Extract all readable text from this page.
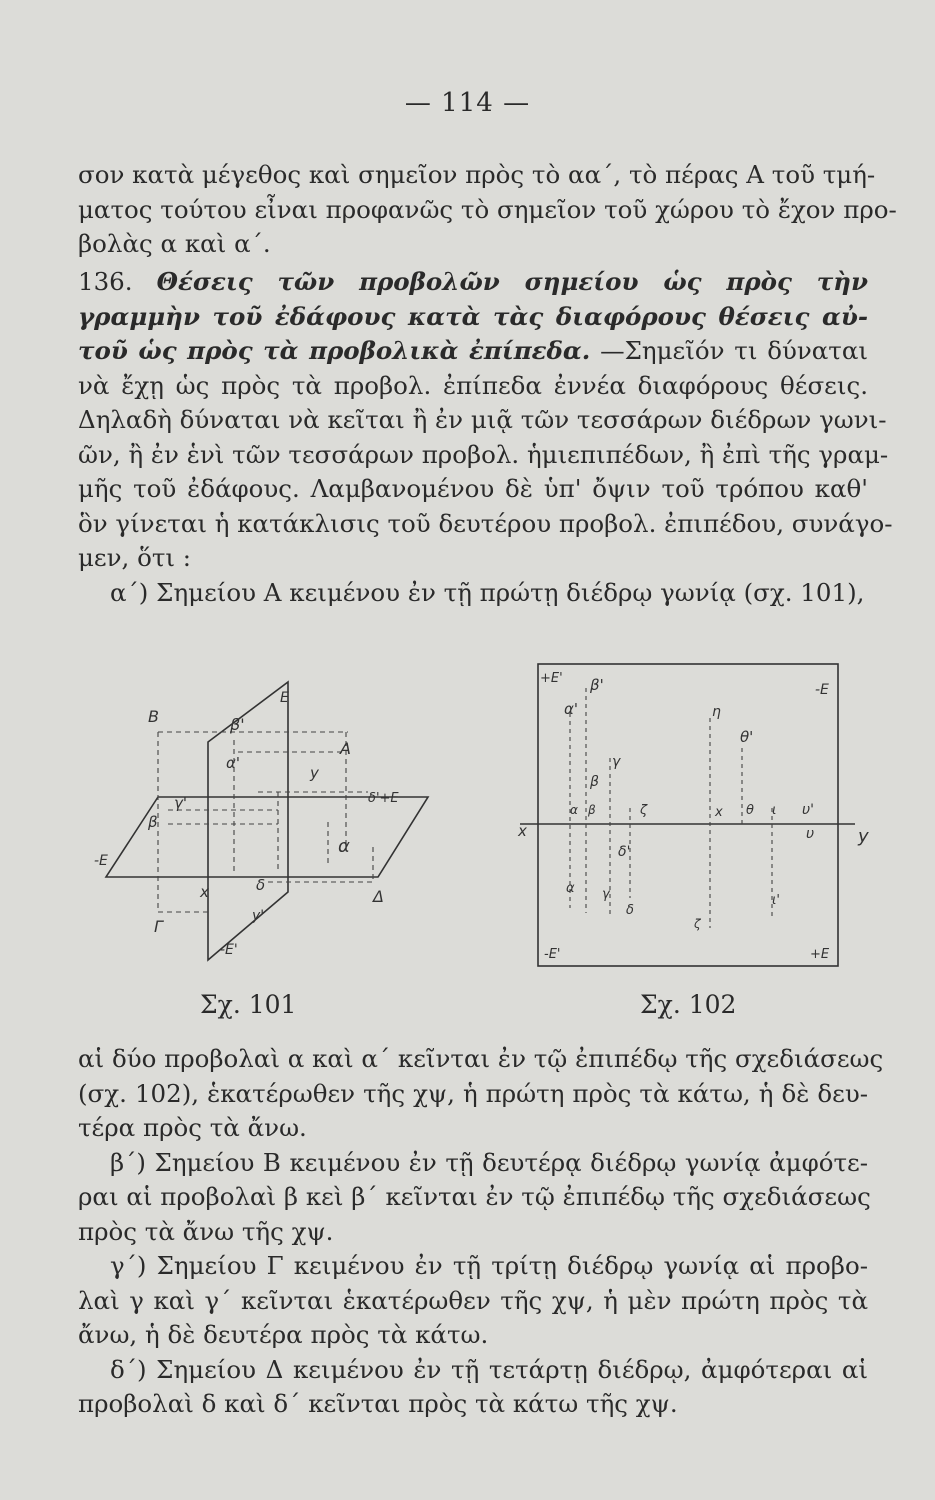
— 114 —
σον κατὰ μέγεθος καὶ σημεῖον πρὸς τὸ αα΄, τὸ πέρας Α τοῦ τμή-
ματος τούτου εἶναι προφανῶς τὸ σημεῖον τοῦ χώρου τὸ ἔχον προ-
βολὰς α καὶ α΄.
136. Θέσεις τῶν προβολῶν σημείου ὡς πρὸς τὴν
γραμμὴν τοῦ ἐδάφους κατὰ τὰς διαφόρους θέσεις αὐ-
τοῦ ὡς πρὸς τὰ προβολικὰ ἐπίπεδα. —Σημεῖόν τι δύναται
νὰ ἔχῃ ὡς πρὸς τὰ προβολ. ἐπίπεδα ἐννέα διαφόρους θέσεις.
Δηλαδὴ δύναται νὰ κεῖται ἢ ἐν μιᾷ τῶν τεσσάρων διέδρων γωνι-
ῶν, ἢ ἐν ἑνὶ τῶν τεσσάρων προβολ. ἡμιεπιπέδων, ἢ ἐπὶ τῆς γραμ-
μῆς τοῦ ἐδάφους. Λαμβανομένου δὲ ὑπ' ὄψιν τοῦ τρόπου καθ'
ὃν γίνεται ἡ κατάκλισις τοῦ δευτέρου προβολ. ἐπιπέδου, συνάγο-
μεν, ὅτι :
α΄) Σημείου Α κειμένου ἐν τῇ πρώτῃ διέδρῳ γωνίᾳ (σχ. 101),
B
E
β'
α'
A
y
δ'+E
γ'
β
-E
α
x	δ
Δ
Γ
y'
-E'
Σχ. 101
+E' β'	-E
α'	η
θ'
γ
β
α β	ζ	x θ ι υ'
x	υ y
δ'
α γ
δ
ι'
ζ
-E'	+E
Σχ. 102
αἱ δύο προβολαὶ α καὶ α΄ κεῖνται ἐν τῷ ἐπιπέδῳ τῆς σχεδιάσεως
(σχ. 102), ἑκατέρωθεν τῆς χψ, ἡ πρώτη πρὸς τὰ κάτω, ἡ δὲ δευ-
τέρα πρὸς τὰ ἄνω.
β΄) Σημείου Β κειμένου ἐν τῇ δευτέρᾳ διέδρῳ γωνίᾳ ἀμφότε-
ραι αἱ προβολαὶ β κεὶ β΄ κεῖνται ἐν τῷ ἐπιπέδῳ τῆς σχεδιάσεως
πρὸς τὰ ἄνω τῆς χψ.
γ΄) Σημείου Γ κειμένου ἐν τῇ τρίτῃ διέδρῳ γωνίᾳ αἱ προβο-
λαὶ γ καὶ γ΄ κεῖνται ἑκατέρωθεν τῆς χψ, ἡ μὲν πρώτη πρὸς τὰ
ἄνω, ἡ δὲ δευτέρα πρὸς τὰ κάτω.
δ΄) Σημείου Δ κειμένου ἐν τῇ τετάρτῃ διέδρῳ, ἀμφότεραι αἱ
προβολαὶ δ καὶ δ΄ κεῖνται πρὸς τὰ κάτω τῆς χψ.
